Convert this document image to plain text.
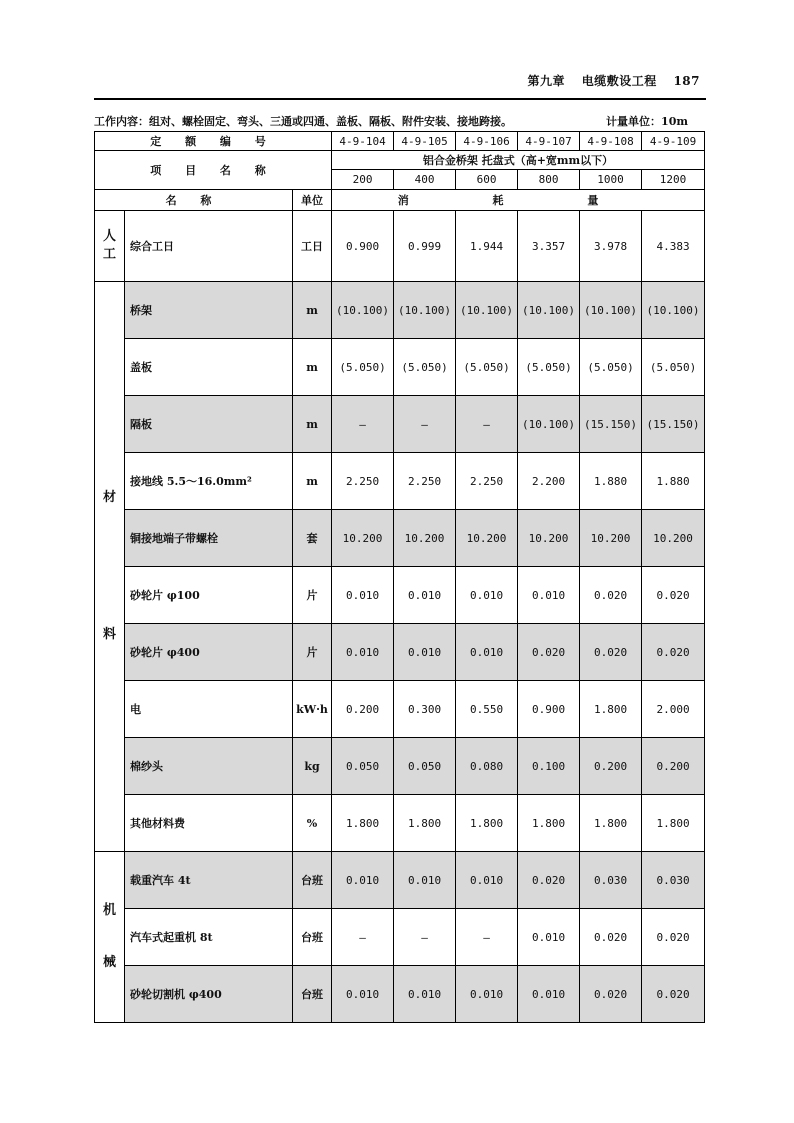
第九章 电缆敷设工程 187
工作内容：组对、螺栓固定、弯头、三通或四通、盖板、隔板、附件安装、接地跨接。	计量单位：10m
定 额 编 号			4-9-104	4-9-105	4-9-106	4-9-107	4-9-108	4-9-109
项 目 名 称			铝合金桥架 托盘式（高+宽mm以下）					
			200	400	600	800	1000	1200
名 称		单位	消 耗 量					
人
工	综合工日	工日	0.900	0.999	1.944	3.357	3.978	4.383
材
料	桥架	m	(10.100)	(10.100)	(10.100)	(10.100)	(10.100)	(10.100)
	盖板	m	(5.050)	(5.050)	(5.050)	(5.050)	(5.050)	(5.050)
	隔板	m	—	—	—	(10.100)	(15.150)	(15.150)
	接地线 5.5～16.0mm²	m	2.250	2.250	2.250	2.200	1.880	1.880
	铜接地端子带螺栓	套	10.200	10.200	10.200	10.200	10.200	10.200
	砂轮片 φ100	片	0.010	0.010	0.010	0.010	0.020	0.020
	砂轮片 φ400	片	0.010	0.010	0.010	0.020	0.020	0.020
	电	kW·h	0.200	0.300	0.550	0.900	1.800	2.000
	棉纱头	kg	0.050	0.050	0.080	0.100	0.200	0.200
	其他材料费	%	1.800	1.800	1.800	1.800	1.800	1.800
机
械	载重汽车 4t	台班	0.010	0.010	0.010	0.020	0.030	0.030
	汽车式起重机 8t	台班	—	—	—	0.010	0.020	0.020
	砂轮切割机 φ400	台班	0.010	0.010	0.010	0.010	0.020	0.020
